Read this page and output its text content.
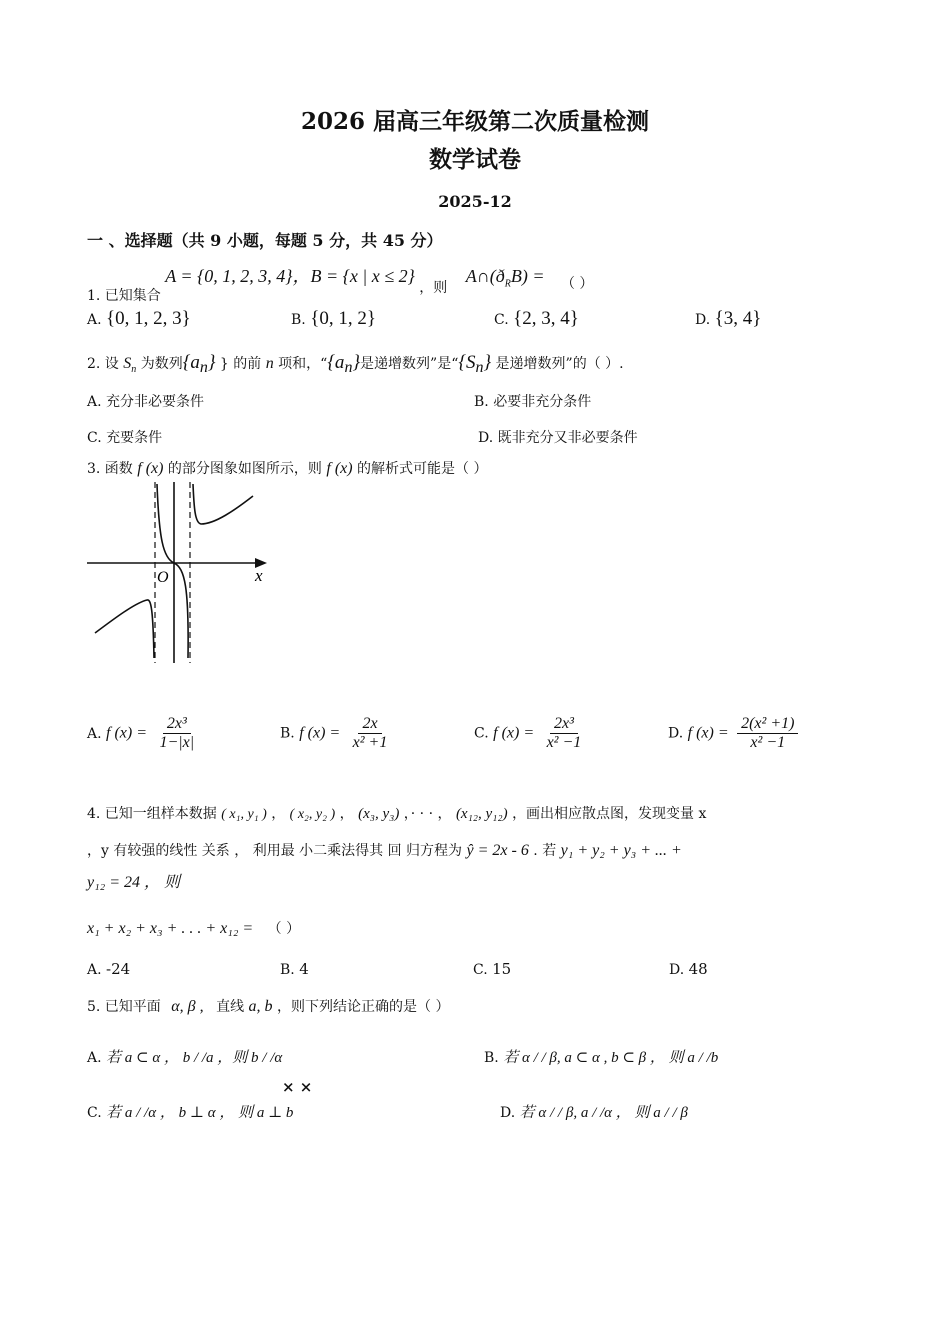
2026 届高三年级第二次质量检测
数学试卷
2025-12
一 、选择题（共 9 小题，每题 5 分，共 45 分）
1. 已知集合 A = {0, 1, 2, 3, 4}，B = {x | x ≤ 2} ，则 $A\cap(ð_RB)$ = （ ）
A. {0, 1, 2, 3}	B. {0, 1, 2}	C. {2, 3, 4}	D. {3, 4}
2. 设 $S_n$ 为数列$\{a_n\}$ } 的前 n 项和，“$\{a_n\}$是递增数列”是“$\{S_n\}$ 是递增数列”的（ ）.
A. 充分非必要条件	B. 必要非充分条件
C. 充要条件	D. 既非充分又非必要条件
3. 函数 f (x) 的部分图象如图所示，则 f (x) 的解析式可能是（ ）
O	x
A. f $(x) = \frac{\text{2x³}}{1-|x|}$	B. f $(x) = \frac{2x}{\text{x² +1}}$	C. f $(x) = \frac{\text{2x³}}{\text{x² −1}}$	D. f $(x) = \frac{\text{2(x² +1)}}{\text{x² −1}}$
4. 已知一组样本数据 ( x₁, y₁ ) ， ( x₂, y₂ ) ， (x₃, y₃) ，· · · ， (x₁₂, y₁₂) ，画出相应散点图，发现变量 x
，y 有较强的线性 关系 ， 利用最 小二乘法得其 回 归方程为 ŷ = 2x - 6 . 若 y₁ + y₂ + y₃ + ... +
y₁₂ = 24 ， 则
x₁ + x₂ + x₃ + . . . + x₁₂ = （ ）
A. -24	B. 4	C. 15	D. 48
5. 已知平面 α, β , 直线 a, b ，则下列结论正确的是（ ）
A. 若 a ⊂ α ， b / /a ，则 b / /α	B. 若 α / / β, a ⊂ α , b ⊂ β ， 则 a / /b
× ×
C. 若 a / /α ， b ⊥ α ， 则 a ⊥ b	D. 若 α / / β, a / /α ， 则 a / / β
